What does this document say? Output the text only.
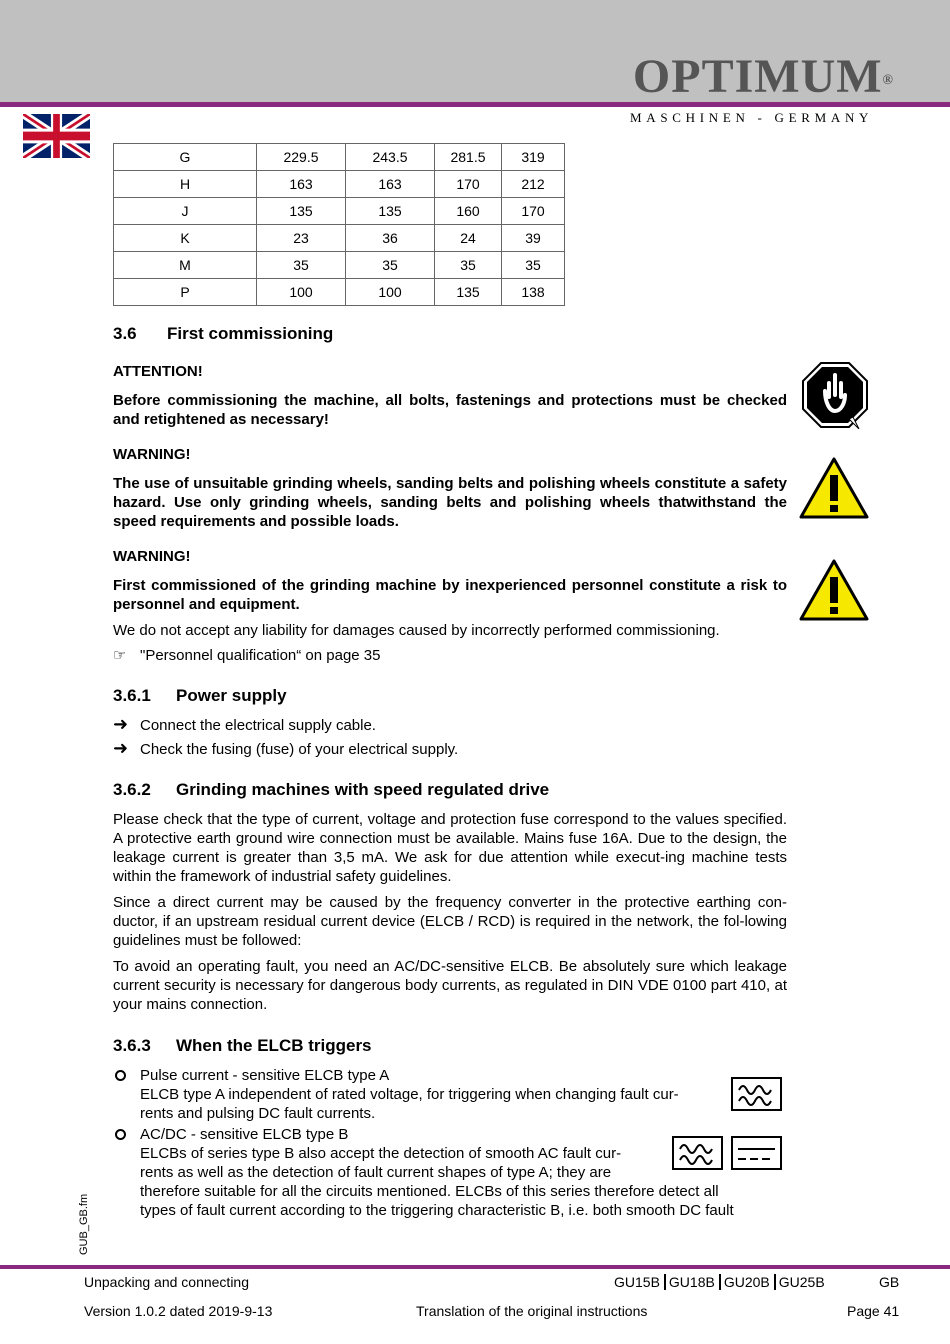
OPTIMUM®
MASCHINEN - GERMANY
G	229.5	243.5	281.5	319
H	163	163	170	212
J	135	135	160	170
K	23	36	24	39
M	35	35	35	35
P	100	100	135	138
3.6 First commissioning
ATTENTION!
Before commissioning the machine, all bolts, fastenings and protections must be checked and retightened as necessary!
WARNING!
The use of unsuitable grinding wheels, sanding belts and polishing wheels constitute a safety hazard. Use only grinding wheels, sanding belts and polishing wheels thatwithstand the speed requirements and possible loads.
WARNING!
First commissioned of the grinding machine by inexperienced personnel constitute a risk to personnel and equipment.
We do not accept any liability for damages caused by incorrectly performed commissioning.
☞ "Personnel qualification“ on page 35
3.6.1 Power supply
➜ Connect the electrical supply cable.
➜ Check the fusing (fuse) of your electrical supply.
3.6.2 Grinding machines with speed regulated drive
Please check that the type of current, voltage and protection fuse correspond to the values specified. A protective earth ground wire connection must be available. Mains fuse 16A. Due to the design, the leakage current is greater than 3,5 mA. We ask for due attention while execut-ing machine tests within the framework of industrial safety guidelines.
Since a direct current may be caused by the frequency converter in the protective earthing con-ductor, if an upstream residual current device (ELCB / RCD) is required in the network, the fol-lowing guidelines must be followed:
To avoid an operating fault, you need an AC/DC-sensitive ELCB. Be absolutely sure which leakage current security is necessary for dangerous body currents, as regulated in DIN VDE 0100 part 410, at your mains connection.
3.6.3 When the ELCB triggers
Pulse current - sensitive ELCB type A
ELCB type A independent of rated voltage, for triggering when changing fault cur-
rents and pulsing DC fault currents.
AC/DC - sensitive ELCB type B
ELCBs of series type B also accept the detection of smooth AC fault cur-
rents as well as the detection of fault current shapes of type A; they are
therefore suitable for all the circuits mentioned. ELCBs of this series therefore detect all
types of fault current according to the triggering characteristic B, i.e. both smooth DC fault
GUB_GB.fm
Unpacking and connecting	GU15B GU18B GU20B GU25B	GB
Version 1.0.2 dated 2019-9-13	Translation of the original instructions	Page 41
